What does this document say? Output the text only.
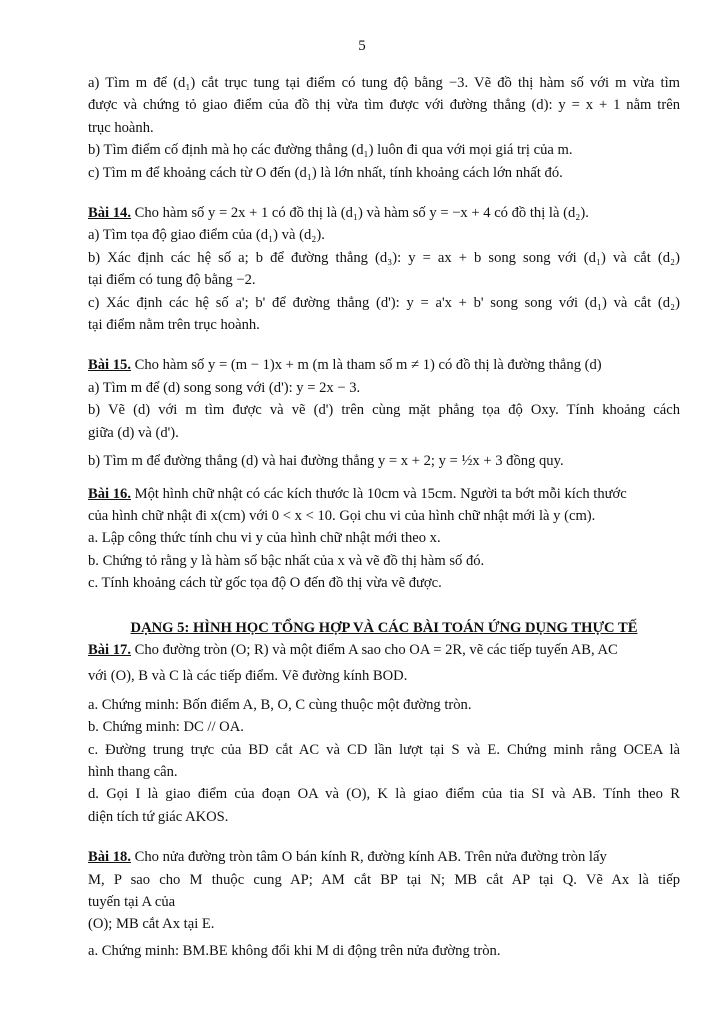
5
a) Tìm m để (d₁) cắt trục tung tại điểm có tung độ bằng −3. Vẽ đồ thị hàm số với m vừa tìm
được và chứng tỏ giao điểm của đồ thị vừa tìm được với đường thẳng (d): y = x + 1 nằm trên
trục hoành.
b) Tìm điểm cố định mà họ các đường thẳng (d₁) luôn đi qua với mọi giá trị của m.
c) Tìm m để khoảng cách từ O đến (d₁) là lớn nhất, tính khoảng cách lớn nhất đó.
Bài 14. Cho hàm số y = 2x + 1 có đồ thị là (d₁) và hàm số y = −x + 4 có đồ thị là (d₂).
a) Tìm tọa độ giao điểm của (d₁) và (d₂).
b) Xác định các hệ số a; b để đường thẳng (d₃): y = ax + b song song với (d₁) và cắt (d₂)
tại điểm có tung độ bằng −2.
c) Xác định các hệ số a'; b' để đường thẳng (d'): y = a'x + b' song song với (d₁) và cắt (d₂)
tại điểm nằm trên trục hoành.
Bài 15. Cho hàm số y = (m − 1)x + m (m là tham số m ≠ 1) có đồ thị là đường thẳng (d)
a) Tìm m để (d) song song với (d'): y = 2x − 3.
b) Vẽ (d) với m tìm được và vẽ (d') trên cùng mặt phẳng tọa độ Oxy. Tính khoảng cách
giữa (d) và (d').
b) Tìm m để đường thẳng (d) và hai đường thẳng y = x + 2; y = ½x + 3 đồng quy.
Bài 16. Một hình chữ nhật có các kích thước là 10cm và 15cm. Người ta bớt mỗi kích thước
của hình chữ nhật đi x(cm) với 0 < x < 10. Gọi chu vi của hình chữ nhật mới là y (cm).
a. Lập công thức tính chu vi y của hình chữ nhật mới theo x.
b. Chứng tỏ rằng y là hàm số bậc nhất của x và vẽ đồ thị hàm số đó.
c. Tính khoảng cách từ gốc tọa độ O đến đồ thị vừa vẽ được.
DẠNG 5: HÌNH HỌC TỔNG HỢP VÀ CÁC BÀI TOÁN ỨNG DỤNG THỰC TẾ
Bài 17. Cho đường tròn (O; R) và một điểm A sao cho OA = 2R, vẽ các tiếp tuyến AB, AC
với (O), B và C là các tiếp điểm. Vẽ đường kính BOD.
a. Chứng minh: Bốn điểm A, B, O, C cùng thuộc một đường tròn.
b. Chứng minh: DC // OA.
c. Đường trung trực của BD cắt AC và CD lần lượt tại S và E. Chứng minh rằng OCEA là
hình thang cân.
d. Gọi I là giao điểm của đoạn OA và (O), K là giao điểm của tia SI và AB. Tính theo R
diện tích tứ giác AKOS.
Bài 18. Cho nửa đường tròn tâm O bán kính R, đường kính AB. Trên nửa đường tròn lấy
M, P sao cho M thuộc cung AP; AM cắt BP tại N; MB cắt AP tại Q. Vẽ Ax là tiếp
tuyến tại A của
(O); MB cắt Ax tại E.
a. Chứng minh: BM.BE không đổi khi M di động trên nửa đường tròn.
